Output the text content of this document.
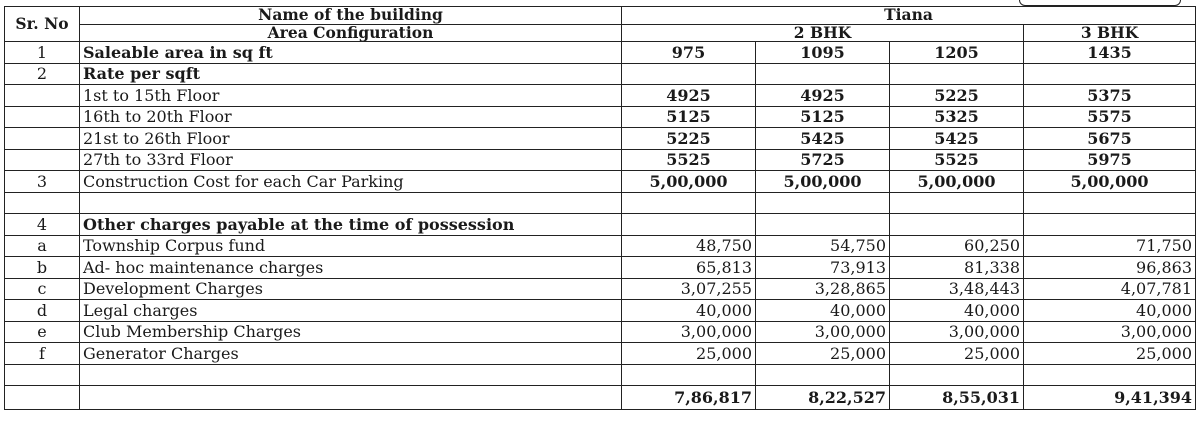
Sr. No	Name of the building	Tiana			
	Area Configuration	2 BHK			3 BHK
1	Saleable area in sq ft	975	1095	1205	1435
2	Rate per sqft				
	1st to 15th Floor	4925	4925	5225	5375
	16th to 20th Floor	5125	5125	5325	5575
	21st to 26th Floor	5225	5425	5425	5675
	27th to 33rd Floor	5525	5725	5525	5975
3	Construction Cost for each Car Parking	5,00,000	5,00,000	5,00,000	5,00,000

4	Other charges payable at the time of possession				
a	Township Corpus fund	48,750	54,750	60,250	71,750
b	Ad- hoc maintenance charges	65,813	73,913	81,338	96,863
c	Development Charges	3,07,255	3,28,865	3,48,443	4,07,781
d	Legal charges	40,000	40,000	40,000	40,000
e	Club Membership Charges	3,00,000	3,00,000	3,00,000	3,00,000
f	Generator Charges	25,000	25,000	25,000	25,000

		7,86,817	8,22,527	8,55,031	9,41,394
